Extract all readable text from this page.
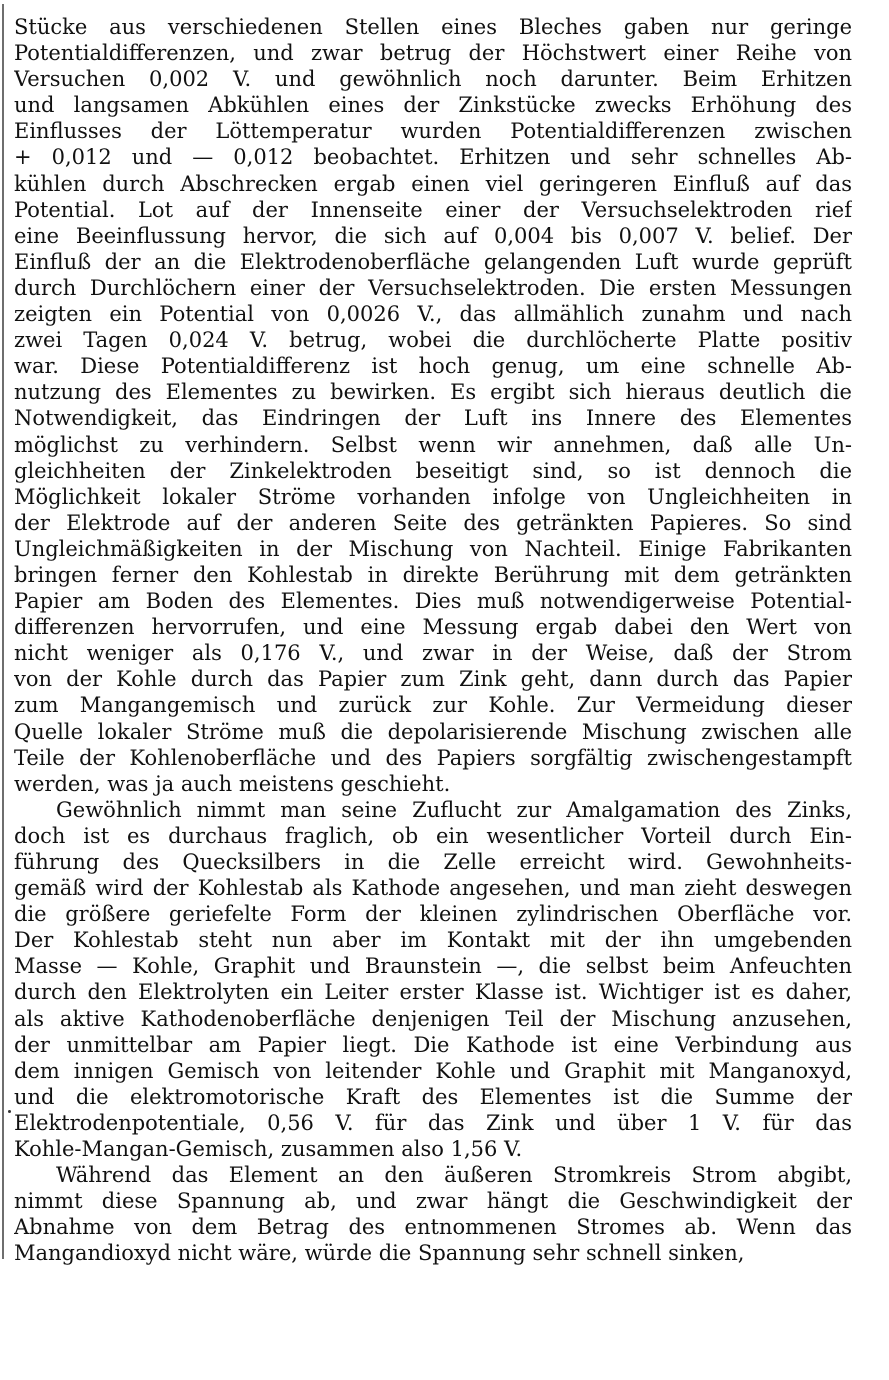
Stücke aus verschiedenen Stellen eines Bleches gaben nur geringe
Potentialdifferenzen, und zwar betrug der Höchstwert einer Reihe von
Versuchen 0,002 V. und gewöhnlich noch darunter. Beim Erhitzen
und langsamen Abkühlen eines der Zinkstücke zwecks Erhöhung des
Einflusses der Löttemperatur wurden Potentialdifferenzen zwischen
+ 0,012 und — 0,012 beobachtet. Erhitzen und sehr schnelles Ab-
kühlen durch Abschrecken ergab einen viel geringeren Einfluß auf das
Potential. Lot auf der Innenseite einer der Versuchselektroden rief
eine Beeinflussung hervor, die sich auf 0,004 bis 0,007 V. belief. Der
Einfluß der an die Elektrodenoberfläche gelangenden Luft wurde geprüft
durch Durchlöchern einer der Versuchselektroden. Die ersten Messungen
zeigten ein Potential von 0,0026 V., das allmählich zunahm und nach
zwei Tagen 0,024 V. betrug, wobei die durchlöcherte Platte positiv
war. Diese Potentialdifferenz ist hoch genug, um eine schnelle Ab-
nutzung des Elementes zu bewirken. Es ergibt sich hieraus deutlich die
Notwendigkeit, das Eindringen der Luft ins Innere des Elementes
möglichst zu verhindern. Selbst wenn wir annehmen, daß alle Un-
gleichheiten der Zinkelektroden beseitigt sind, so ist dennoch die
Möglichkeit lokaler Ströme vorhanden infolge von Ungleichheiten in
der Elektrode auf der anderen Seite des getränkten Papieres. So sind
Ungleichmäßigkeiten in der Mischung von Nachteil. Einige Fabrikanten
bringen ferner den Kohlestab in direkte Berührung mit dem getränkten
Papier am Boden des Elementes. Dies muß notwendigerweise Potential-
differenzen hervorrufen, und eine Messung ergab dabei den Wert von
nicht weniger als 0,176 V., und zwar in der Weise, daß der Strom
von der Kohle durch das Papier zum Zink geht, dann durch das Papier
zum Mangangemisch und zurück zur Kohle. Zur Vermeidung dieser
Quelle lokaler Ströme muß die depolarisierende Mischung zwischen alle
Teile der Kohlenoberfläche und des Papiers sorgfältig zwischengestampft
werden, was ja auch meistens geschieht.
Gewöhnlich nimmt man seine Zuflucht zur Amalgamation des Zinks,
doch ist es durchaus fraglich, ob ein wesentlicher Vorteil durch Ein-
führung des Quecksilbers in die Zelle erreicht wird. Gewohnheits-
gemäß wird der Kohlestab als Kathode angesehen, und man zieht deswegen
die größere geriefelte Form der kleinen zylindrischen Oberfläche vor.
Der Kohlestab steht nun aber im Kontakt mit der ihn umgebenden
Masse — Kohle, Graphit und Braunstein —, die selbst beim Anfeuchten
durch den Elektrolyten ein Leiter erster Klasse ist. Wichtiger ist es daher,
als aktive Kathodenoberfläche denjenigen Teil der Mischung anzusehen,
der unmittelbar am Papier liegt. Die Kathode ist eine Verbindung aus
dem innigen Gemisch von leitender Kohle und Graphit mit Manganoxyd,
und die elektromotorische Kraft des Elementes ist die Summe der
Elektrodenpotentiale, 0,56 V. für das Zink und über 1 V. für das
Kohle-Mangan-Gemisch, zusammen also 1,56 V.
Während das Element an den äußeren Stromkreis Strom abgibt,
nimmt diese Spannung ab, und zwar hängt die Geschwindigkeit der
Abnahme von dem Betrag des entnommenen Stromes ab. Wenn das
Mangandioxyd nicht wäre, würde die Spannung sehr schnell sinken,
